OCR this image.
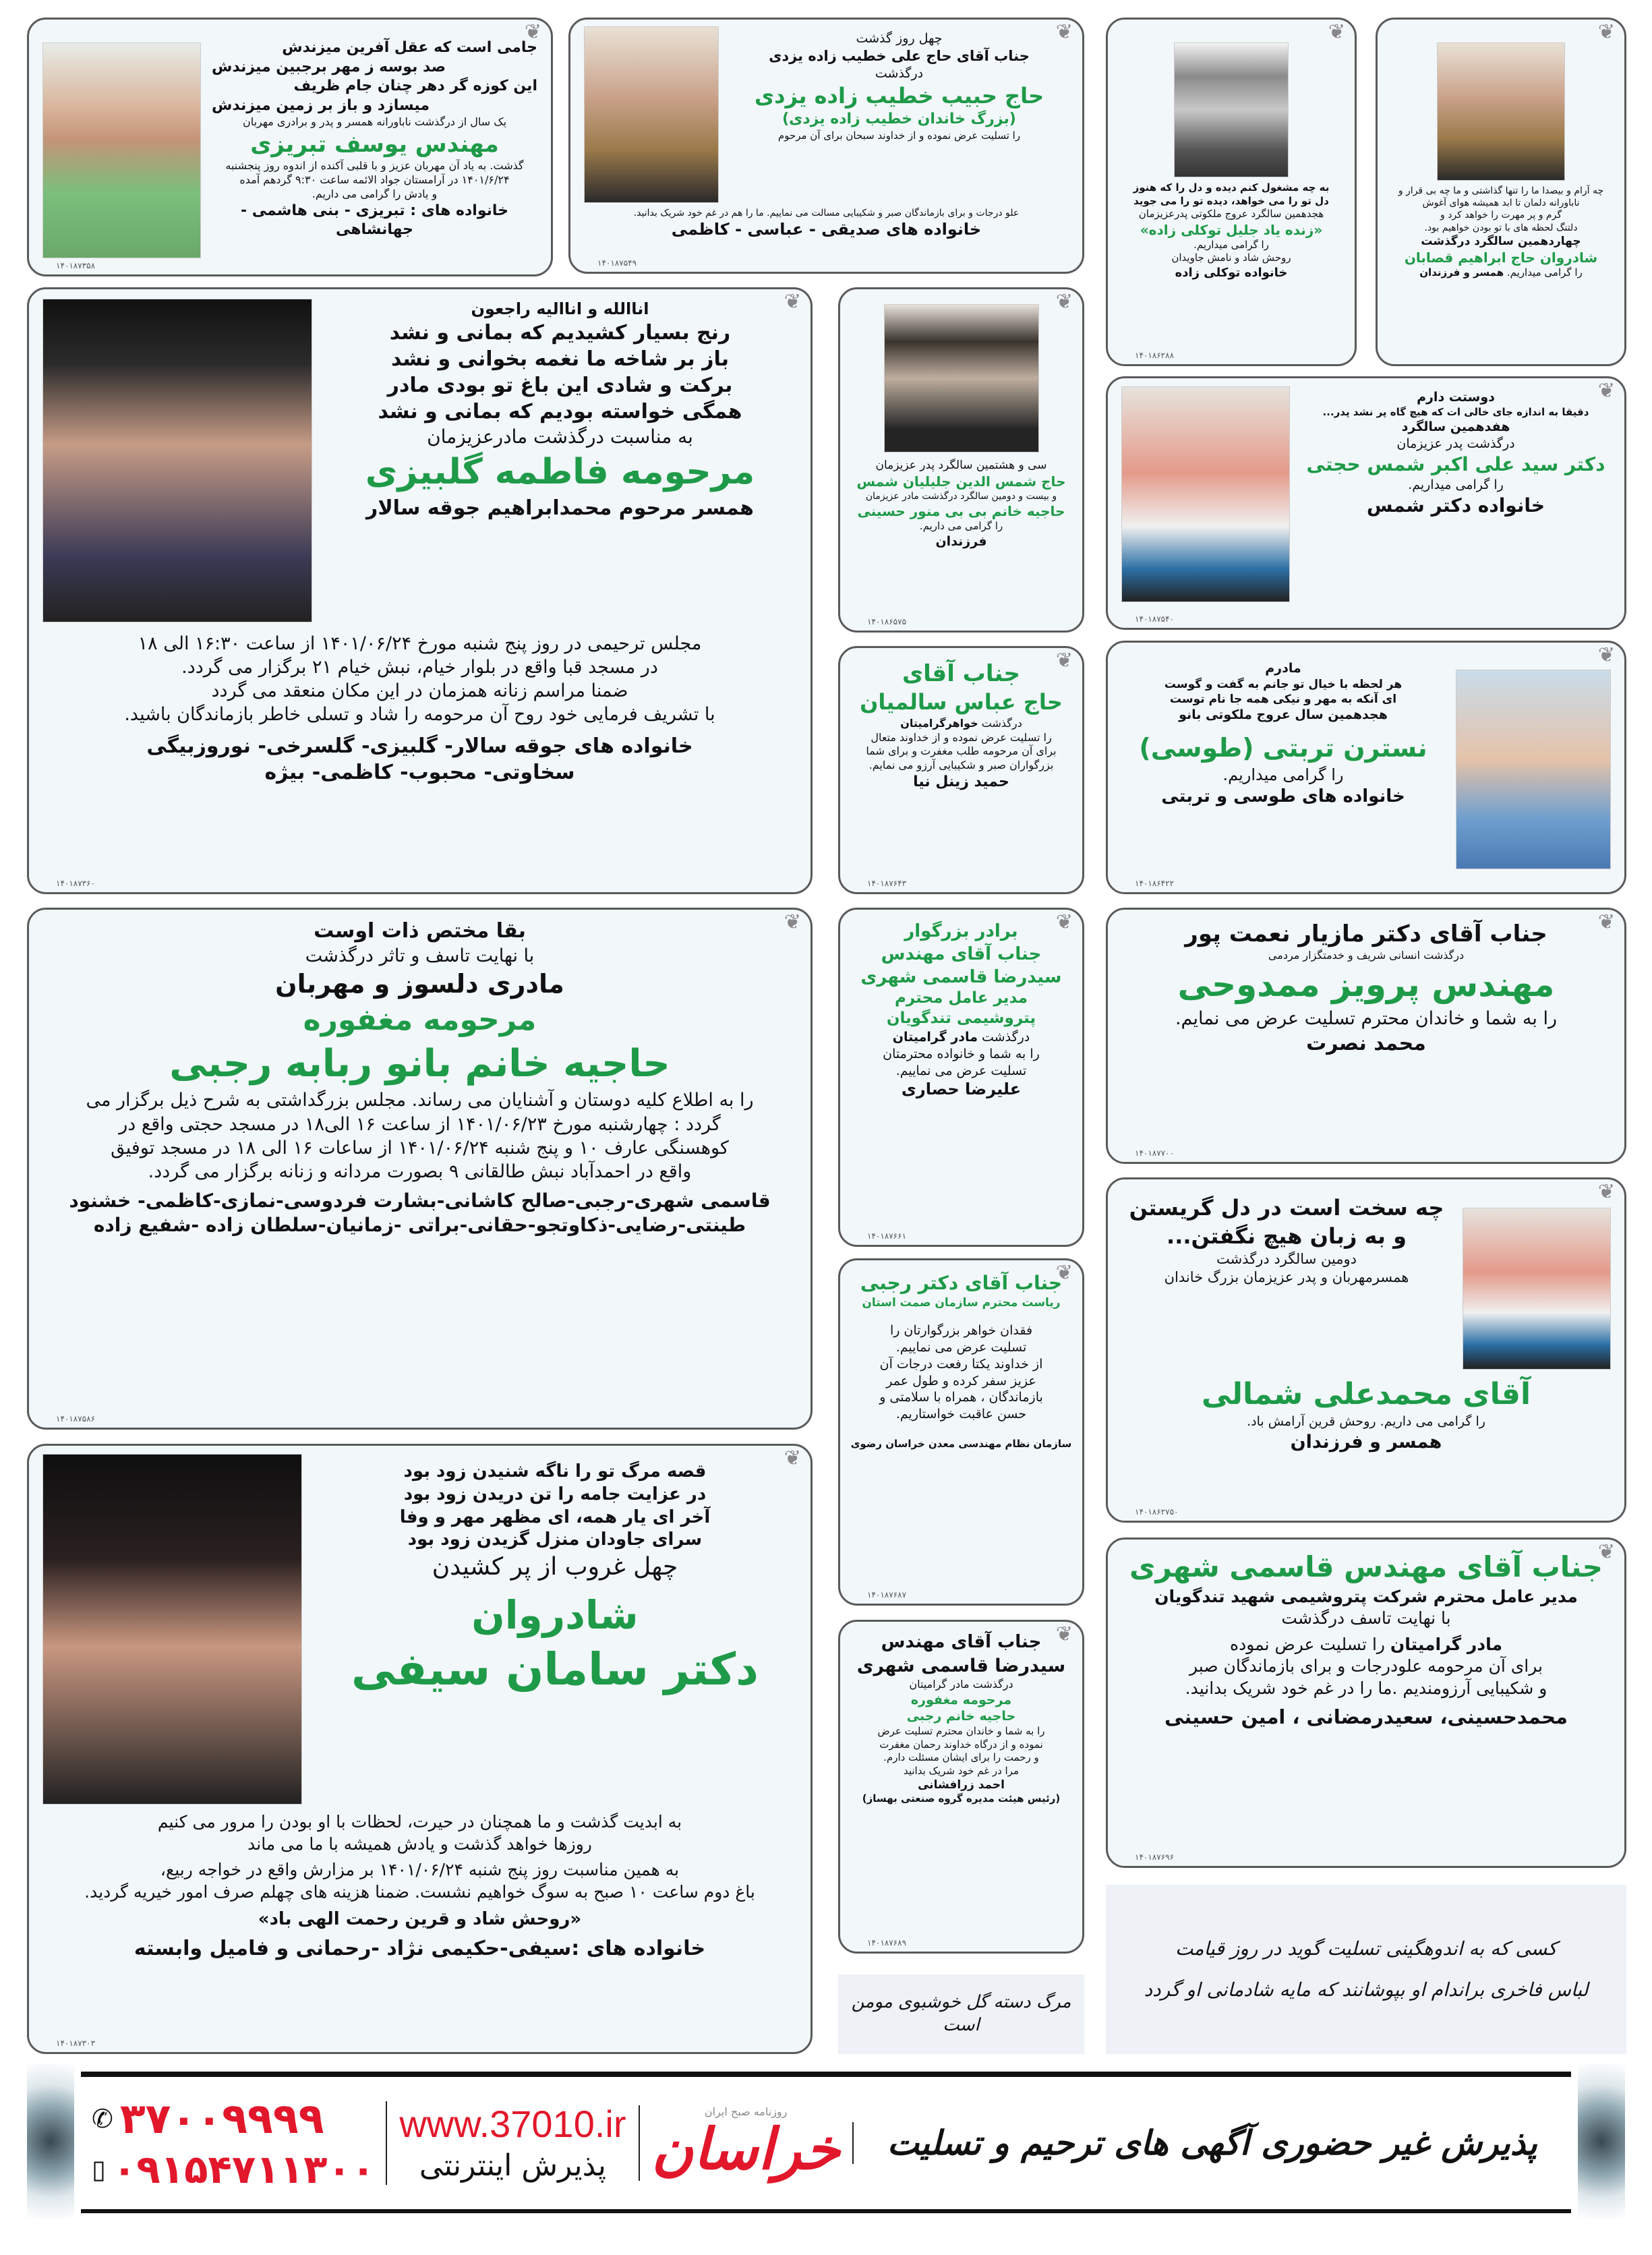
❦
جامی است که عقل آفرین میزندش
صد بوسه ز مهر برجبین میزندش
این کوزه گر دهر چنان جام ظریف
میسازد و باز بر زمین میزندش
یک سال از درگذشت ناباورانه همسر و پدر و برادری مهربان
مهندس یوسف تبریزی
گذشت. به یاد آن مهربان عزیز و با قلبی آکنده از اندوه روز پنجشنبه
۱۴۰۱/۶/۲۴ در آرامستان جواد الائمه ساعت ۹:۳۰ گردهم آمده
و یادش را گرامی می داریم.
خانواده های : تبریزی - بنی هاشمی - جهانشاهی
۱۴۰۱۸۷۳۵۸
❦
چهل روز گذشت
جناب آقای حاج علی خطیب زاده یزدی
درگذشت
حاج حبیب خطیب زاده یزدی
(بزرگ خاندان خطیب زاده یزدی)
را تسلیت عرض نموده و از خداوند سبحان برای آن مرحوم
علو درجات و برای بازماندگان صبر و شکیبایی مسالت می نماییم. ما را هم در غم خود شریک بدانید.
خانواده های صدیقی - عباسی - کاظمی
۱۴۰۱۸۷۵۴۹
❦
به چه مشغول کنم دیده و دل را که هنوز
دل تو را می خواهد، دیده تو را می جوید
هجدهمین سالگرد عروج ملکوتی پدرعزیزمان
«زنده یاد جلیل توکلی زاده»
را گرامی میداریم.
روحش شاد و نامش جاویدان
خانواده توکلی زاده
۱۴۰۱۸۶۲۸۸
❦
چه آرام و بیصدا ما را تنها گذاشتی و ما چه بی قرار و
ناباورانه دلمان تا ابد همیشه هوای آغوش
گرم و پر مهرت را خواهد کرد و
دلتنگ لحظه های با تو بودن خواهیم بود.
چهاردهمین سالگرد درگذشت
شادروان حاج ابراهیم قصابان
را گرامی میداریم. همسر و فرزندان
❦
اناالله و اناالیه راجعون
رنج بسیار کشیدیم که بمانی و نشد
باز بر شاخه ما نغمه بخوانی و نشد
برکت و شادی این باغ تو بودی مادر
همگی خواسته بودیم که بمانی و نشد
به مناسبت درگذشت مادرعزیزمان
مرحومه فاطمه گلبیزی
همسر مرحوم محمدابراهیم جوقه سالار
مجلس ترحیمی در روز پنج شنبه مورخ ۱۴۰۱/۰۶/۲۴ از ساعت ۱۶:۳۰ الی ۱۸
در مسجد قبا واقع در بلوار خیام، نبش خیام ۲۱ برگزار می گردد.
ضمنا مراسم زنانه همزمان در این مکان منعقد می گردد
با تشریف فرمایی خود روح آن مرحومه را شاد و تسلی خاطر بازماندگان باشید.
خانواده های جوقه سالار- گلبیزی- گلسرخی- نوروزبیگی
سخاوتی- محبوب- کاظمی- بیژه
۱۴۰۱۸۷۳۶۰
❦
سی و هشتمین سالگرد پدر عزیزمان
حاج شمس الدین جلیلیان شمس
و بیست و دومین سالگرد درگذشت مادر عزیزمان
حاجیه خانم بی بی منور حسینی
را گرامی می داریم.
فرزندان
۱۴۰۱۸۶۵۷۵
❦
جناب آقای
حاج عباس سالمیان
درگذشت خواهرگرامیتان
را تسلیت عرض نموده و از خداوند متعال
برای آن مرحومه طلب مغفرت و برای شما
بزرگواران صبر و شکیبایی آرزو می نمایم.
حمید زینل نیا
۱۴۰۱۸۷۶۴۳
❦
دوستت دارم
دقیقا به اندازه جای خالی ات که هیچ گاه پر نشد پدر...
هفدهمین سالگرد
درگذشت پدر عزیزمان
دکتر سید علی اکبر شمس حجتی
را گرامی میداریم.
خانواده دکتر شمس
۱۴۰۱۸۷۵۴۰
❦
مادرم
هر لحظه با خیال تو جانم به گفت و گوست
ای آنکه به مهر و نیکی همه جا نام توست
هجدهمین سال عروج ملکوتی بانو
نسترن تربتی (طوسی)
را گرامی میداریم.
خانواده های طوسی و تربتی
۱۴۰۱۸۶۴۲۲
❦
بقا مختص ذات اوست
با نهایت تاسف و تاثر درگذشت
مادری دلسوز و مهربان
مرحومه مغفوره
حاجیه خانم بانو ربابه رجبی
را به اطلاع کلیه دوستان و آشنایان می رساند. مجلس بزرگداشتی به شرح ذیل برگزار می
گردد : چهارشنبه مورخ ۱۴۰۱/۰۶/۲۳ از ساعت ۱۶ الی۱۸ در مسجد حجتی واقع در
کوهسنگی عارف ۱۰ و پنج شنبه ۱۴۰۱/۰۶/۲۴ از ساعات ۱۶ الی ۱۸ در مسجد توفیق
واقع در احمدآباد نبش طالقانی ۹ بصورت مردانه و زنانه برگزار می گردد.
قاسمی شهری-رجبی-صالح کاشانی-بشارت فردوسی-نمازی-کاظمی- خشنود
طینتی-رضایی-ذکاوتجو-حقانی-براتی -زمانیان-سلطان زاده -شفیع زاده
۱۴۰۱۸۷۵۸۶
❦
برادر بزرگوار
جناب آقای مهندس
سیدرضا قاسمی شهری
مدیر عامل محترم
پتروشیمی تندگویان
درگذشت مادر گرامیتان
را به شما و خانواده محترمتان
تسلیت عرض می نماییم.
علیرضا حصاری
۱۴۰۱۸۷۶۶۱
❦
جناب آقای دکتر مازیار نعمت پور
درگذشت انسانی شریف و خدمتگزار مردمی
مهندس پرویز ممدوحی
را به شما و خاندان محترم تسلیت عرض می نمایم.
محمد نصرت
۱۴۰۱۸۷۷۰۰
❦
چه سخت است در دل گریستن
و به زبان هیچ نگفتن...
دومین سالگرد درگذشت
همسرمهربان و پدر عزیزمان بزرگ خاندان
آقای محمدعلی شمالی
را گرامی می داریم. روحش قرین آرامش باد.
همسر و فرزندان
۱۴۰۱۸۶۲۷۵۰
❦
جناب آقای دکتر رجبی
ریاست محترم سازمان صمت استان
فقدان خواهر بزرگوارتان را
تسلیت عرض می نماییم.
از خداوند یکتا رفعت درجات آن
عزیز سفر کرده و طول عمر
بازماندگان ، همراه با سلامتی و
حسن عاقبت خواستاریم.
سازمان نظام مهندسی معدن خراسان رضوی
۱۴۰۱۸۷۶۸۷
❦
قصه مرگ تو را ناگه شنیدن زود بود
در عزایت جامه را تن دریدن زود بود
آخر ای یار همه، ای مظهر مهر و وفا
سرای جاودان منزل گزیدن زود بود
چهل غروب از پر کشیدن
شادروان
دکتر سامان سیفی
به ابدیت گذشت و ما همچنان در حیرت، لحظات با او بودن را مرور می کنیم
روزها خواهد گذشت و یادش همیشه با ما می ماند
به همین مناسبت روز پنج شنبه ۱۴۰۱/۰۶/۲۴ بر مزارش واقع در خواجه ربیع،
باغ دوم ساعت ۱۰ صبح به سوگ خواهیم نشست. ضمنا هزینه های چهلم صرف امور خیریه گردید.
«روحش شاد و قرین رحمت الهی باد»
خانواده های :سیفی-حکیمی نژاد -رحمانی و فامیل وابسته
۱۴۰۱۸۷۳۰۳
❦
جناب آقای مهندس
سیدرضا قاسمی شهری
درگذشت مادر گرامیتان
مرحومه مغفوره
حاجیه خانم رجبی
را به شما و خاندان محترم تسلیت عرض
نموده و از درگاه خداوند رحمان مغفرت
و رحمت را برای ایشان مسئلت دارم.
مرا در غم خود شریک بدانید
احمد زرافشانی
(رئیس هیئت مدیره گروه صنعتی بهساز)
۱۴۰۱۸۷۶۸۹
مرگ دسته گل خوشبوی مومن است
❦
جناب آقای مهندس قاسمی شهری
مدیر عامل محترم شرکت پتروشیمی شهید تندگویان
با نهایت تاسف درگذشت
مادر گرامیتان را تسلیت عرض نموده
برای آن مرحومه علودرجات و برای بازماندگان صبر
و شکیبایی آرزومندیم .ما را در غم خود شریک بدانید.
محمدحسینی، سعیدرمضانی ، امین حسینی
۱۴۰۱۸۷۶۹۶
کسی که به اندوهگینی تسلیت گوید در روز قیامت
لباس فاخری براندام او بپوشانند که مایه شادمانی او گردد
پذیرش غیر حضوری آگهی های ترحیم و تسلیت
روزنامه صبح ایران
خراسان
www.37010.ir
پذیرش اینترنتی
✆ ۳۷۰۰۹۹۹۹
▯ ۰۹۱۵۴۷۱۱۳۰۰
